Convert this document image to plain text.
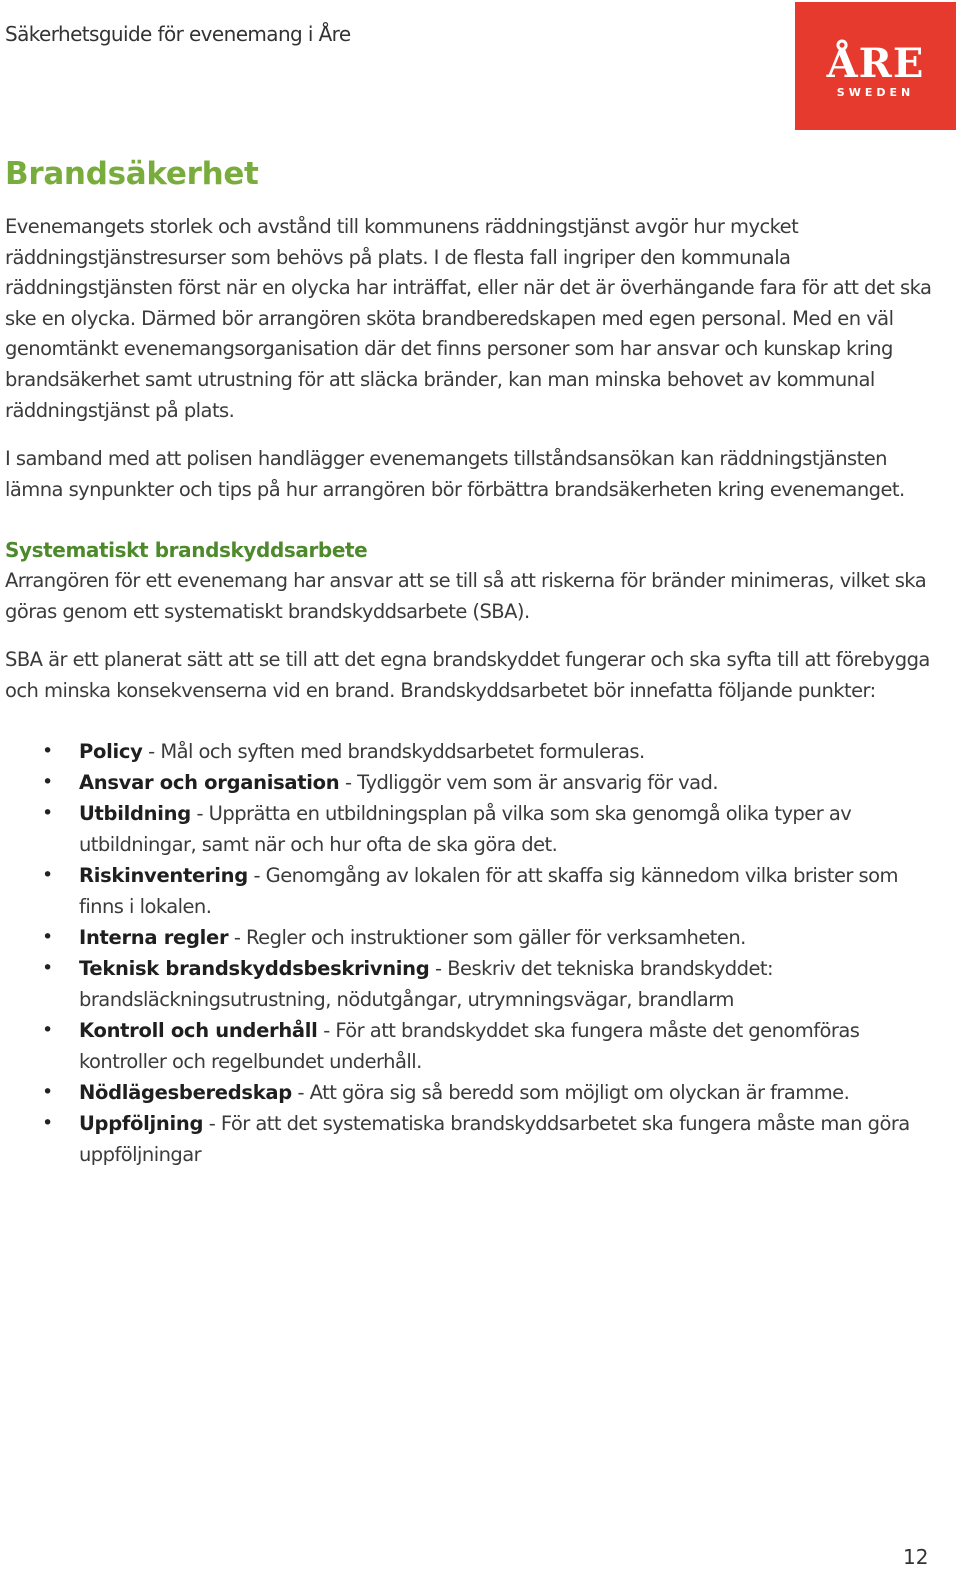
Säkerhetsguide för evenemang i Åre
ÅRE
SWEDEN
Brandsäkerhet

Evenemangets storlek och avstånd till kommunens räddningstjänst avgör hur mycket räddningstjänstresurser som behövs på plats. I de flesta fall ingriper den kommunala räddningstjänsten först när en olycka har inträffat, eller när det är överhängande fara för att det ska ske en olycka. Därmed bör arrangören sköta brandberedskapen med egen personal. Med en väl genomtänkt evenemangsorganisation där det finns personer som har ansvar och kunskap kring brandsäkerhet samt utrustning för att släcka bränder, kan man minska behovet av kommunal räddningstjänst på plats.

I samband med att polisen handlägger evenemangets tillståndsansökan kan räddningstjänsten lämna synpunkter och tips på hur arrangören bör förbättra brandsäkerheten kring evenemanget.

Systematiskt brandskyddsarbete

Arrangören för ett evenemang har ansvar att se till så att riskerna för bränder minimeras, vilket ska göras genom ett systematiskt brandskyddsarbete (SBA).

SBA är ett planerat sätt att se till att det egna brandskyddet fungerar och ska syfta till att förebygga och minska konsekvenserna vid en brand. Brandskyddsarbetet bör innefatta följande punkter:

• Policy - Mål och syften med brandskyddsarbetet formuleras.
• Ansvar och organisation - Tydliggör vem som är ansvarig för vad.
• Utbildning - Upprätta en utbildningsplan på vilka som ska genomgå olika typer av utbildningar, samt när och hur ofta de ska göra det.
• Riskinventering - Genomgång av lokalen för att skaffa sig kännedom vilka brister som finns i lokalen.
• Interna regler - Regler och instruktioner som gäller för verksamheten.
• Teknisk brandskyddsbeskrivning - Beskriv det tekniska brandskyddet: brandsläckningsutrustning, nödutgångar, utrymningsvägar, brandlarm
• Kontroll och underhåll - För att brandskyddet ska fungera måste det genomföras kontroller och regelbundet underhåll.
• Nödlägesberedskap - Att göra sig så beredd som möjligt om olyckan är framme.
• Uppföljning - För att det systematiska brandskyddsarbetet ska fungera måste man göra uppföljningar
12
